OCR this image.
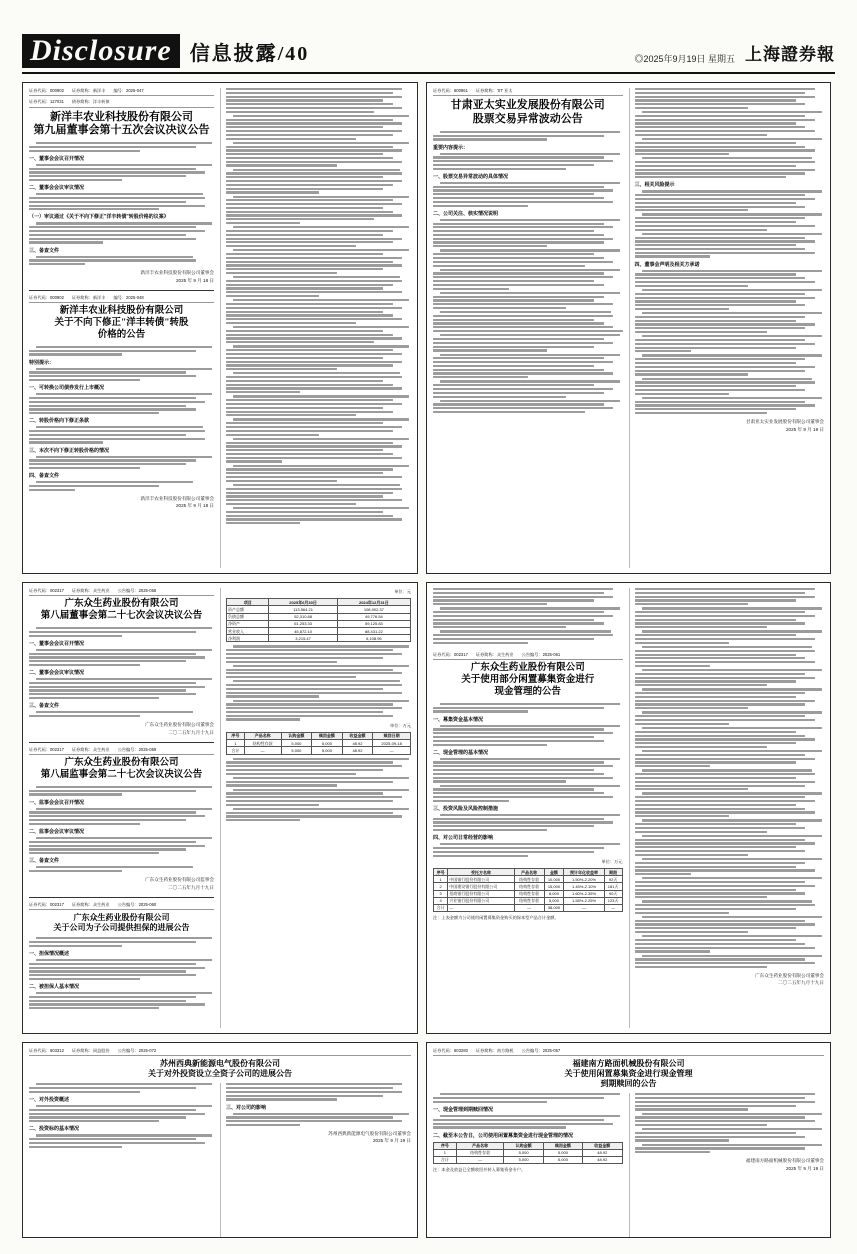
Disclosure 信息披露/40	◎2025年9月19日 星期五 上海證券報
证券代码：000902 证券简称：新洋丰 编号：2025-047
证券代码：127031 债券简称：洋丰转债
新洋丰农业科技股份有限公司
第九届董事会第十五次会议决议公告
一、董事会会议召开情况
二、董事会会议审议情况
（一）审议通过《关于不向下修正"洋丰转债"转股价格的议案》
三、备查文件
新洋丰农业科技股份有限公司董事会
2025 年 9 月 18 日
证券代码：000902 证券简称：新洋丰 编号：2025-048
新洋丰农业科技股份有限公司
关于不向下修正"洋丰转债"转股
价格的公告
特别提示：
一、可转换公司债券发行上市概况
二、转股价格向下修正条款
三、本次不向下修正转股价格的情况
四、备查文件
新洋丰农业科技股份有限公司董事会
2025 年 9 月 18 日
证券代码：600961 证券简称：'ST 亚太
甘肃亚太实业发展股份有限公司
股票交易异常波动公告
重要内容提示：
一、股票交易异常波动的具体情况
二、公司关注、核实情况说明
三、相关风险提示
四、董事会声明及相关方承诺
甘肃亚太实业发展股份有限公司董事会
2025 年 9 月 19 日
证券代码：002317 证券简称：众生药业 公告编号：2025-058
广东众生药业股份有限公司
第八届董事会第二十七次会议决议公告
一、董事会会议召开情况
二、董事会会议审议情况
三、备查文件
广东众生药业股份有限公司董事会
二〇二五年九月十九日
证券代码：002317 证券简称：众生药业 公告编号：2025-059
广东众生药业股份有限公司
第八届监事会第二十七次会议决议公告
一、监事会会议召开情况
二、监事会会议审议情况
三、备查文件
广东众生药业股份有限公司监事会
二〇二五年九月十九日
证券代码：002317 证券简称：众生药业 公告编号：2025-060
广东众生药业股份有限公司
关于公司为子公司提供担保的进展公告
一、担保情况概述
二、被担保人基本情况
单位：元
项目	2025年6月30日	2024年12月31日
资产总额	113,564.21	108,902.37
负债总额	52,310.88	49,776.54
净资产	61,253.33	59,125.83
营业收入	45,872.10	88,431.22
净利润	3,215.47	6,108.95
单位：万元
序号	产品名称	认购金额	赎回金额	收益金额	赎回日期
1	结构性存款	5,000	5,000	48.92	2025-09-18
合计	—	5,000	5,000	48.92	—
证券代码：002317 证券简称：众生药业 公告编号：2025-061
广东众生药业股份有限公司
关于使用部分闲置募集资金进行
现金管理的公告
一、募集资金基本情况
二、现金管理的基本情况
三、投资风险及风险控制措施
四、对公司日常经营的影响
单位：万元
序号	受托方名称	产品名称	金额	预计年化收益率	期限
1	中国银行股份有限公司	结构性存款	10,000	1.50%-2.20%	92天
2	中国建设银行股份有限公司	结构性存款	15,000	1.45%-2.10%	181天
3	招商银行股份有限公司	结构性存款	8,000	1.60%-2.35%	90天
4	兴业银行股份有限公司	结构性存款	5,000	1.55%-2.25%	123天
合计	—	—	38,000	—	—
注：上表金额为公司使用闲置募集资金购买的保本型产品合计金额。
广东众生药业股份有限公司董事会
二〇二五年九月十九日
证券代码：603312 证券简称：同益股份 公告编号：2025-072
苏州西典新能源电气股份有限公司
关于对外投资设立全资子公司的进展公告
一、对外投资概述
二、投资标的基本情况
三、对公司的影响
苏州西典新能源电气股份有限公司董事会
2025 年 9 月 19 日
证券代码：603280 证券简称：南方路机 公告编号：2025-057
福建南方路面机械股份有限公司
关于使用闲置募集资金进行现金管理
到期赎回的公告
一、现金管理到期赎回情况
二、截至本公告日，公司使用闲置募集资金进行现金管理的情况
序号	产品名称	认购金额	赎回金额	收益金额
1	结构性存款	5,000	5,000	48.92
合计	—	5,000	5,000	48.92
注：本金及收益已全额收回并转入募集资金专户。
福建南方路面机械股份有限公司董事会
2025 年 9 月 19 日
